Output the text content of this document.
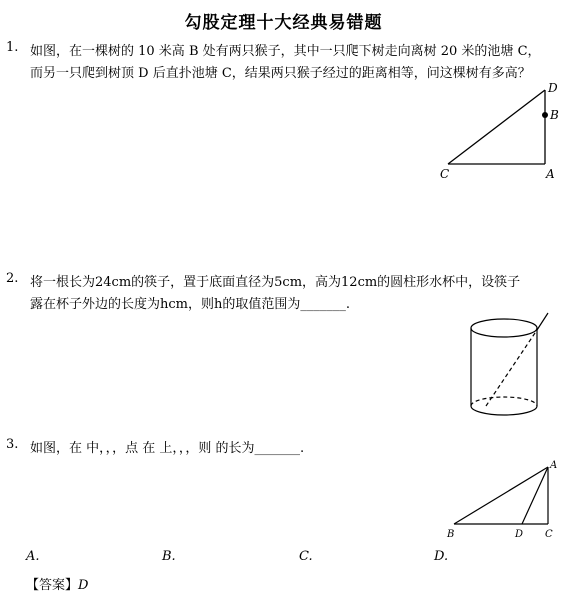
勾股定理十大经典易错题
1. 如图，在一棵树的 10 米高 B 处有两只猴子，其中一只爬下树走向离树 20 米的池塘 C，
而另一只爬到树顶 D 后直扑池塘 C，结果两只猴子经过的距离相等，问这棵树有多高？
D
B
C	A
2. 将一根长为24cm的筷子，置于底面直径为5cm，高为12cm的圆柱形水杯中，设筷子
露在杯子外边的长度为hcm，则h的取值范围为_______.
3. 如图，在 中，，，点 在 上，，，则 的长为_______.
A
B	D C
A.	B.	C.	D.
【答案】D
